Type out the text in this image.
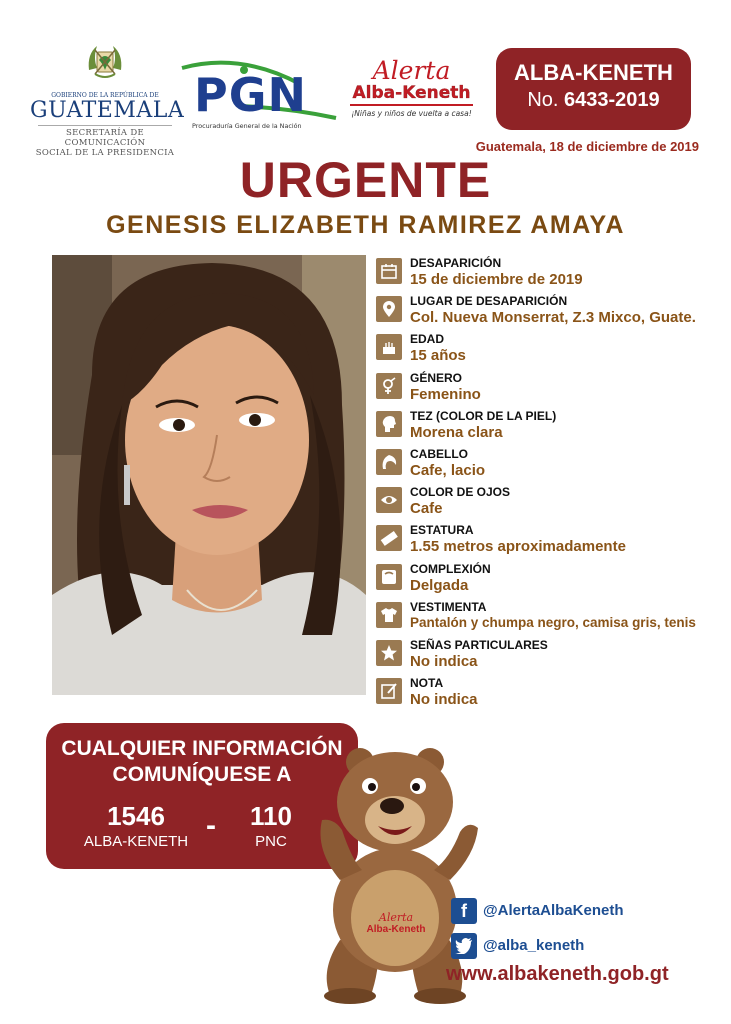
GOBIERNO DE LA REPÚBLICA DE
GUATEMALA
SECRETARÍA DE COMUNICACIÓN
SOCIAL DE LA PRESIDENCIA
PGN
Procuraduría General de la Nación
Alerta
Alba-Keneth
¡Niñas y niños de vuelta a casa!
ALBA-KENETH
No. 6433-2019
Guatemala, 18 de diciembre de 2019
URGENTE
GENESIS ELIZABETH RAMIREZ AMAYA
DESAPARICIÓN
15 de diciembre de 2019
LUGAR DE DESAPARICIÓN
Col. Nueva Monserrat, Z.3 Mixco, Guate.
EDAD
15 años
GÉNERO
Femenino
TEZ (COLOR DE LA PIEL)
Morena clara
CABELLO
Cafe, lacio
COLOR DE OJOS
Cafe
ESTATURA
1.55 metros aproximadamente
COMPLEXIÓN
Delgada
VESTIMENTA
Pantalón y chumpa negro, camisa gris, tenis
SEÑAS PARTICULARES
No indica
NOTA
No indica
CUALQUIER INFORMACIÓN
COMUNÍQUESE A
1546
ALBA-KENETH -	110
PNC
Alerta
Alba-Keneth
f	@AlertaAlbaKeneth
@alba_keneth
www.albakeneth.gob.gt
